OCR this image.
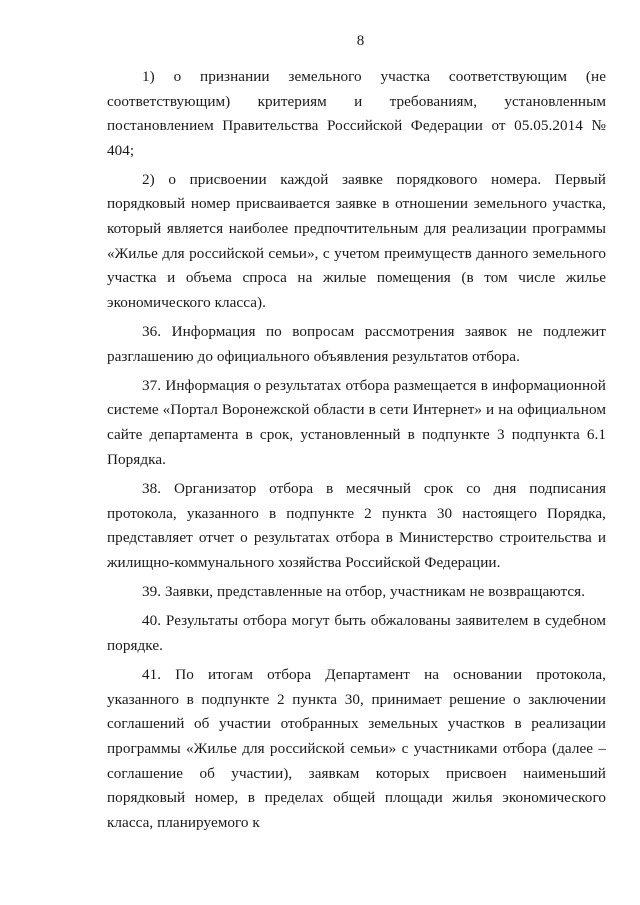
8

1) о признании земельного участка соответствующим (не соответствующим) критериям и требованиям, установленным постановлением Правительства Российской Федерации от 05.05.2014 № 404;

2) о присвоении каждой заявке порядкового номера. Первый порядковый номер присваивается заявке в отношении земельного участка, который является наиболее предпочтительным для реализации программы «Жилье для российской семьи», с учетом преимуществ данного земельного участка и объема спроса на жилые помещения (в том числе жилье экономического класса).

36. Информация по вопросам рассмотрения заявок не подлежит разглашению до официального объявления результатов отбора.

37. Информация о результатах отбора размещается в информационной системе «Портал Воронежской области в сети Интернет» и на официальном сайте департамента в срок, установленный в подпункте 3 подпункта 6.1 Порядка.

38. Организатор отбора в месячный срок со дня подписания протокола, указанного в подпункте 2 пункта 30 настоящего Порядка, представляет отчет о результатах отбора в Министерство строительства и жилищно-коммунального хозяйства Российской Федерации.

39. Заявки, представленные на отбор, участникам не возвращаются.

40. Результаты отбора могут быть обжалованы заявителем в судебном порядке.

41. По итогам отбора Департамент на основании протокола, указанного в подпункте 2 пункта 30, принимает решение о заключении соглашений об участии отобранных земельных участков в реализации программы «Жилье для российской семьи» с участниками отбора (далее – соглашение об участии), заявкам которых присвоен наименьший порядковый номер, в пределах общей площади жилья экономического класса, планируемого к
